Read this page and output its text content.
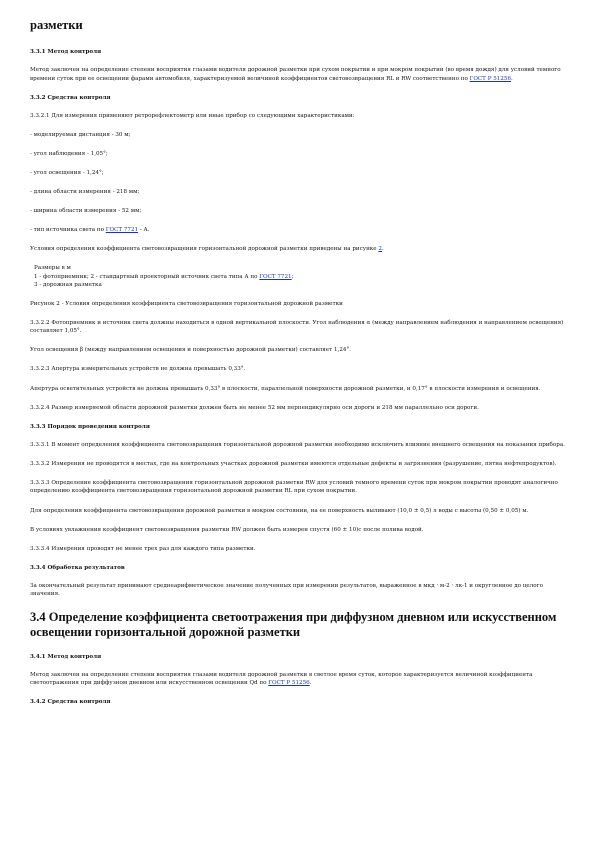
разметки
3.3.1 Метод контроля
Метод заключен на определение степени восприятия глазами водителя дорожной разметки при сухом покрытии и при мокром покрытии (во время дождя) для условий темного времени суток при ее освещении фарами автомобиля, характеризуемой величиной коэффициентов световозвращения RL и RW соответственно по ГОСТ Р 51256.
3.3.2 Средства контроля
3.3.2.1 Для измерения применяют ретрорефлектометр или иные прибор со следующими характеристиками:
- моделируемая дистанция - 30 м;
- угол наблюдения - 1,05°;
- угол освещения - 1,24°;
- длина области измерения - 218 мм;
- ширина области измерения - 52 мм;
- тип источника света по ГОСТ 7721 - А.
Условия определения коэффициента световозвращения горизонтальной дорожной разметки приведены на рисунке 2.
Размеры в м
1 - фотоприемник; 2 - стандартный проекторный источник света типа А по ГОСТ 7721;
3 - дорожная разметка
Рисунок 2 - Условия определения коэффициента световозвращения горизонтальной дорожной разметки
3.3.2.2 Фотоприемник и источник света должны находиться в одной вертикальной плоскости. Угол наблюдения α (между направлением наблюдения и направлением освещения) составляет 1,05°.
Угол освещения β (между направлением освещения и поверхностью дорожной разметки) составляет 1,24°.
3.3.2.3 Апертура измерительных устройств не должна превышать 0,33°.
Апертура осветительных устройств не должна превышать 0,33° в плоскости, параллельной поверхности дорожной разметки, и 0,17° в плоскости измерения и освещения.
3.3.2.4 Размер измеряемой области дорожной разметки должен быть не менее 52 мм перпендикулярно оси дороги и 218 мм параллельно оси дороги.
3.3.3 Порядок проведения контроля
3.3.3.1 В момент определения коэффициента световозвращения горизонтальной дорожной разметки необходимо исключить влияние внешнего освещения на показания прибора.
3.3.3.2 Измерения не проводятся в местах, где на контрольных участках дорожной разметки имеются отдельные дефекты и загрязнения (разрушение, пятна нефтепродуктов).
3.3.3.3 Определение коэффициента световозвращения горизонтальной дорожной разметки RW для условий темного времени суток при мокром покрытии проводят аналогично определению коэффициента световозвращения горизонтальной дорожной разметки RL при сухом покрытии.
Для определения коэффициента световозвращения дорожной разметки в мокром состоянии, на ее поверхность выливают (10,0 ± 0,5) л воды с высоты (0,50 ± 0,05) м.
В условиях увлажнения коэффициент световозвращения разметки RW должен быть измерен спустя (60 ± 10)с после полива водой.
3.3.3.4 Измерения проводят не менее трех раз для каждого типа разметки.
3.3.4 Обработка результатов
За окончательный результат принимают среднеарифметическое значение полученных при измерении результатов, выраженное в мкд · м-2 · лк-1 и округленное до целого значения.
3.4 Определение коэффициента светоотражения при диффузном дневном или искусственном освещении горизонтальной дорожной разметки
3.4.1 Метод контроля
Метод заключен на определение степени восприятия глазами водителя дорожной разметки в светлое время суток, которое характеризуется величиной коэффициента светоотражения при диффузном дневном или искусственном освещении Qd по ГОСТ Р 51256.
3.4.2 Средства контроля
